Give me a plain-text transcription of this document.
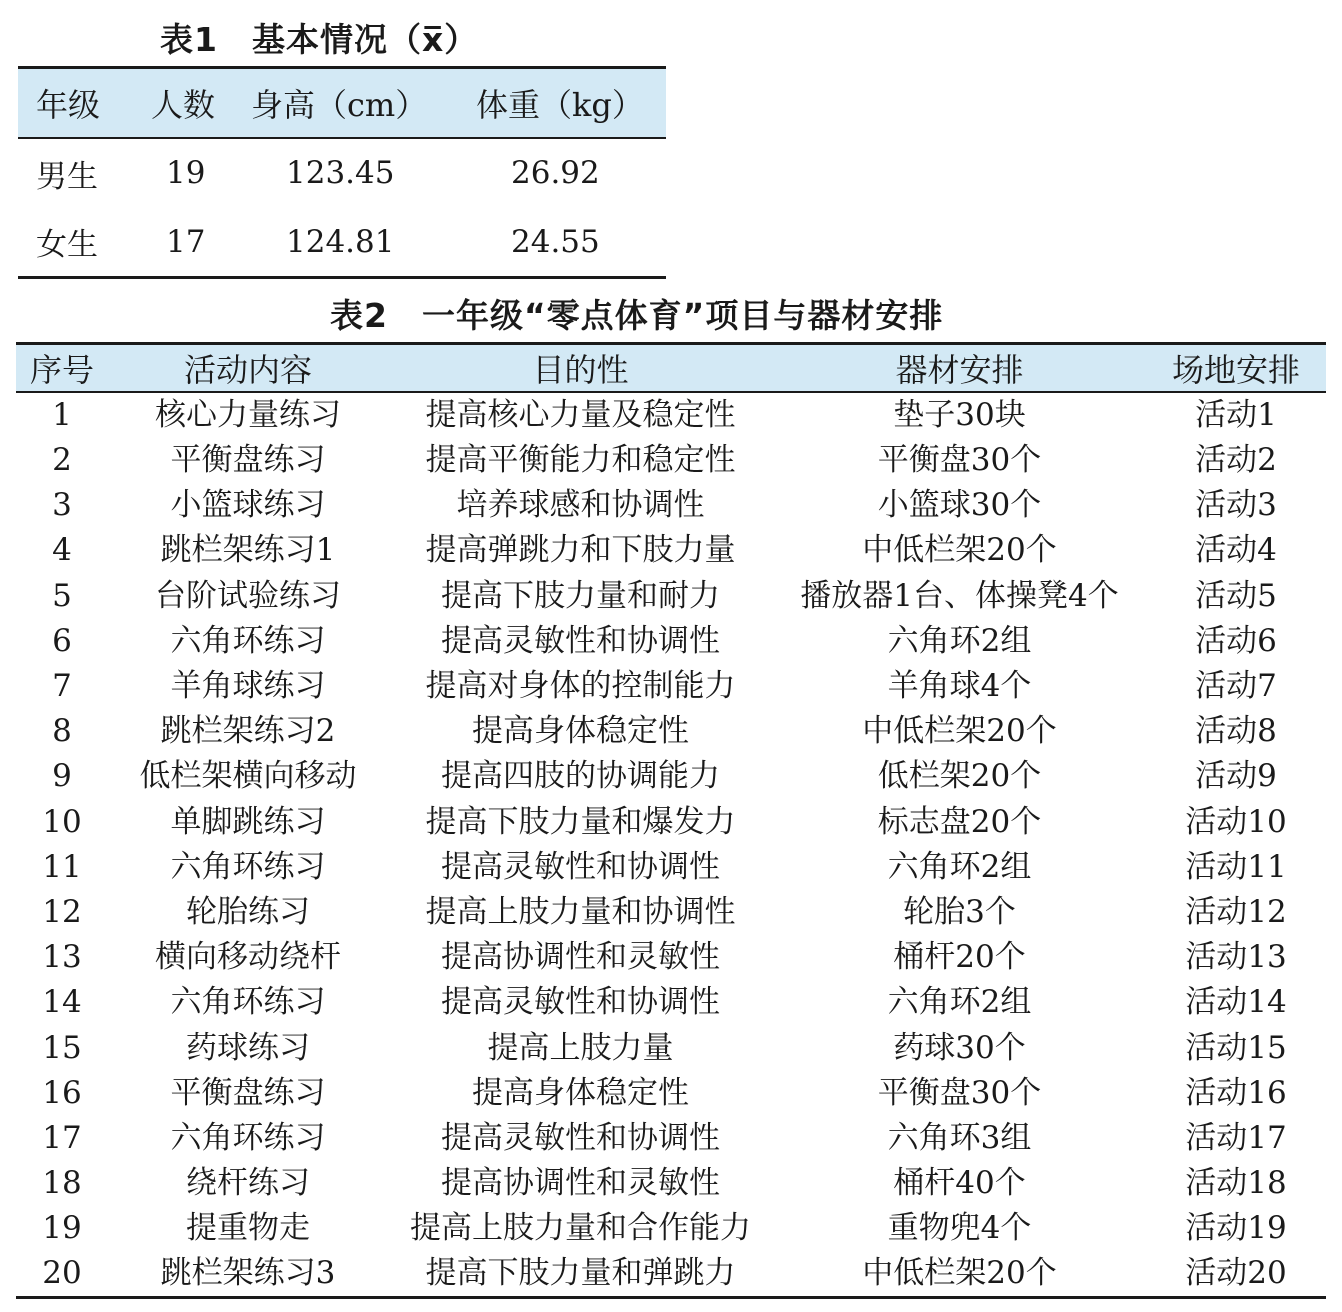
表1　基本情况（x̅）
年级	人数	身高（cm）	体重（kg）
男生	19	123.45	26.92
女生	17	124.81	24.55
表2　一年级“零点体育”项目与器材安排
序号	活动内容	目的性	器材安排	场地安排
1	核心力量练习	提高核心力量及稳定性	垫子30块	活动1
2	平衡盘练习	提高平衡能力和稳定性	平衡盘30个	活动2
3	小篮球练习	培养球感和协调性	小篮球30个	活动3
4	跳栏架练习1	提高弹跳力和下肢力量	中低栏架20个	活动4
5	台阶试验练习	提高下肢力量和耐力	播放器1台、体操凳4个	活动5
6	六角环练习	提高灵敏性和协调性	六角环2组	活动6
7	羊角球练习	提高对身体的控制能力	羊角球4个	活动7
8	跳栏架练习2	提高身体稳定性	中低栏架20个	活动8
9	低栏架横向移动	提高四肢的协调能力	低栏架20个	活动9
10	单脚跳练习	提高下肢力量和爆发力	标志盘20个	活动10
11	六角环练习	提高灵敏性和协调性	六角环2组	活动11
12	轮胎练习	提高上肢力量和协调性	轮胎3个	活动12
13	横向移动绕杆	提高协调性和灵敏性	桶杆20个	活动13
14	六角环练习	提高灵敏性和协调性	六角环2组	活动14
15	药球练习	提高上肢力量	药球30个	活动15
16	平衡盘练习	提高身体稳定性	平衡盘30个	活动16
17	六角环练习	提高灵敏性和协调性	六角环3组	活动17
18	绕杆练习	提高协调性和灵敏性	桶杆40个	活动18
19	提重物走	提高上肢力量和合作能力	重物兜4个	活动19
20	跳栏架练习3	提高下肢力量和弹跳力	中低栏架20个	活动20
